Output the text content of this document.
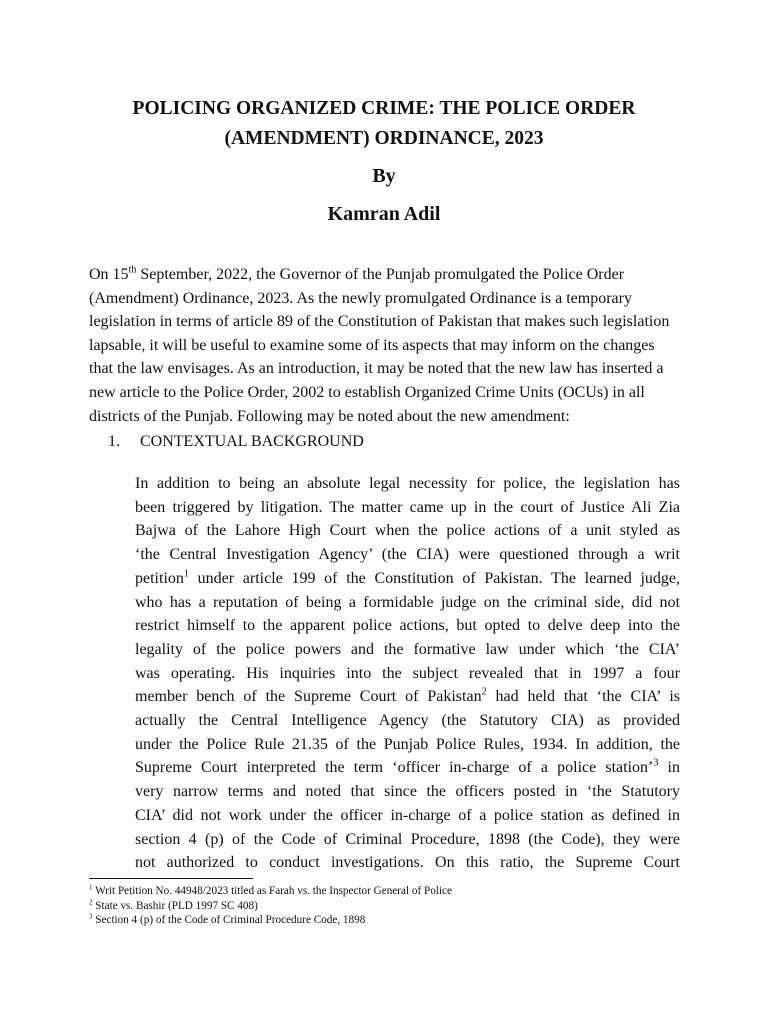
POLICING ORGANIZED CRIME: THE POLICE ORDER
(AMENDMENT) ORDINANCE, 2023

By

Kamran Adil

On 15th September, 2022, the Governor of the Punjab promulgated the Police Order (Amendment) Ordinance, 2023. As the newly promulgated Ordinance is a temporary legislation in terms of article 89 of the Constitution of Pakistan that makes such legislation lapsable, it will be useful to examine some of its aspects that may inform on the changes that the law envisages. As an introduction, it may be noted that the new law has inserted a new article to the Police Order, 2002 to establish Organized Crime Units (OCUs) in all districts of the Punjab. Following may be noted about the new amendment:

1. CONTEXTUAL BACKGROUND

In addition to being an absolute legal necessity for police, the legislation has
been triggered by litigation. The matter came up in the court of Justice Ali Zia
Bajwa of the Lahore High Court when the police actions of a unit styled as
‘the Central Investigation Agency’ (the CIA) were questioned through a writ
petition$^1$ under article 199 of the Constitution of Pakistan. The learned judge,
who has a reputation of being a formidable judge on the criminal side, did not
restrict himself to the apparent police actions, but opted to delve deep into the
legality of the police powers and the formative law under which ‘the CIA’
was operating. His inquiries into the subject revealed that in 1997 a four
member bench of the Supreme Court of Pakistan$^2$ had held that ‘the CIA’ is
actually the Central Intelligence Agency (the Statutory CIA) as provided
under the Police Rule 21.35 of the Punjab Police Rules, 1934. In addition, the
Supreme Court interpreted the term ‘officer in-charge of a police station’$^3$ in
very narrow terms and noted that since the officers posted in ‘the Statutory
CIA’ did not work under the officer in-charge of a police station as defined in
section 4 (p) of the Code of Criminal Procedure, 1898 (the Code), they were
not authorized to conduct investigations. On this ratio, the Supreme Court
$^1$ Writ Petition No. 44948/2023 titled as Farah vs. the Inspector General of Police
$^2$ State vs. Bashir (PLD 1997 SC 408)
$^3$ Section 4 (p) of the Code of Criminal Procedure Code, 1898
